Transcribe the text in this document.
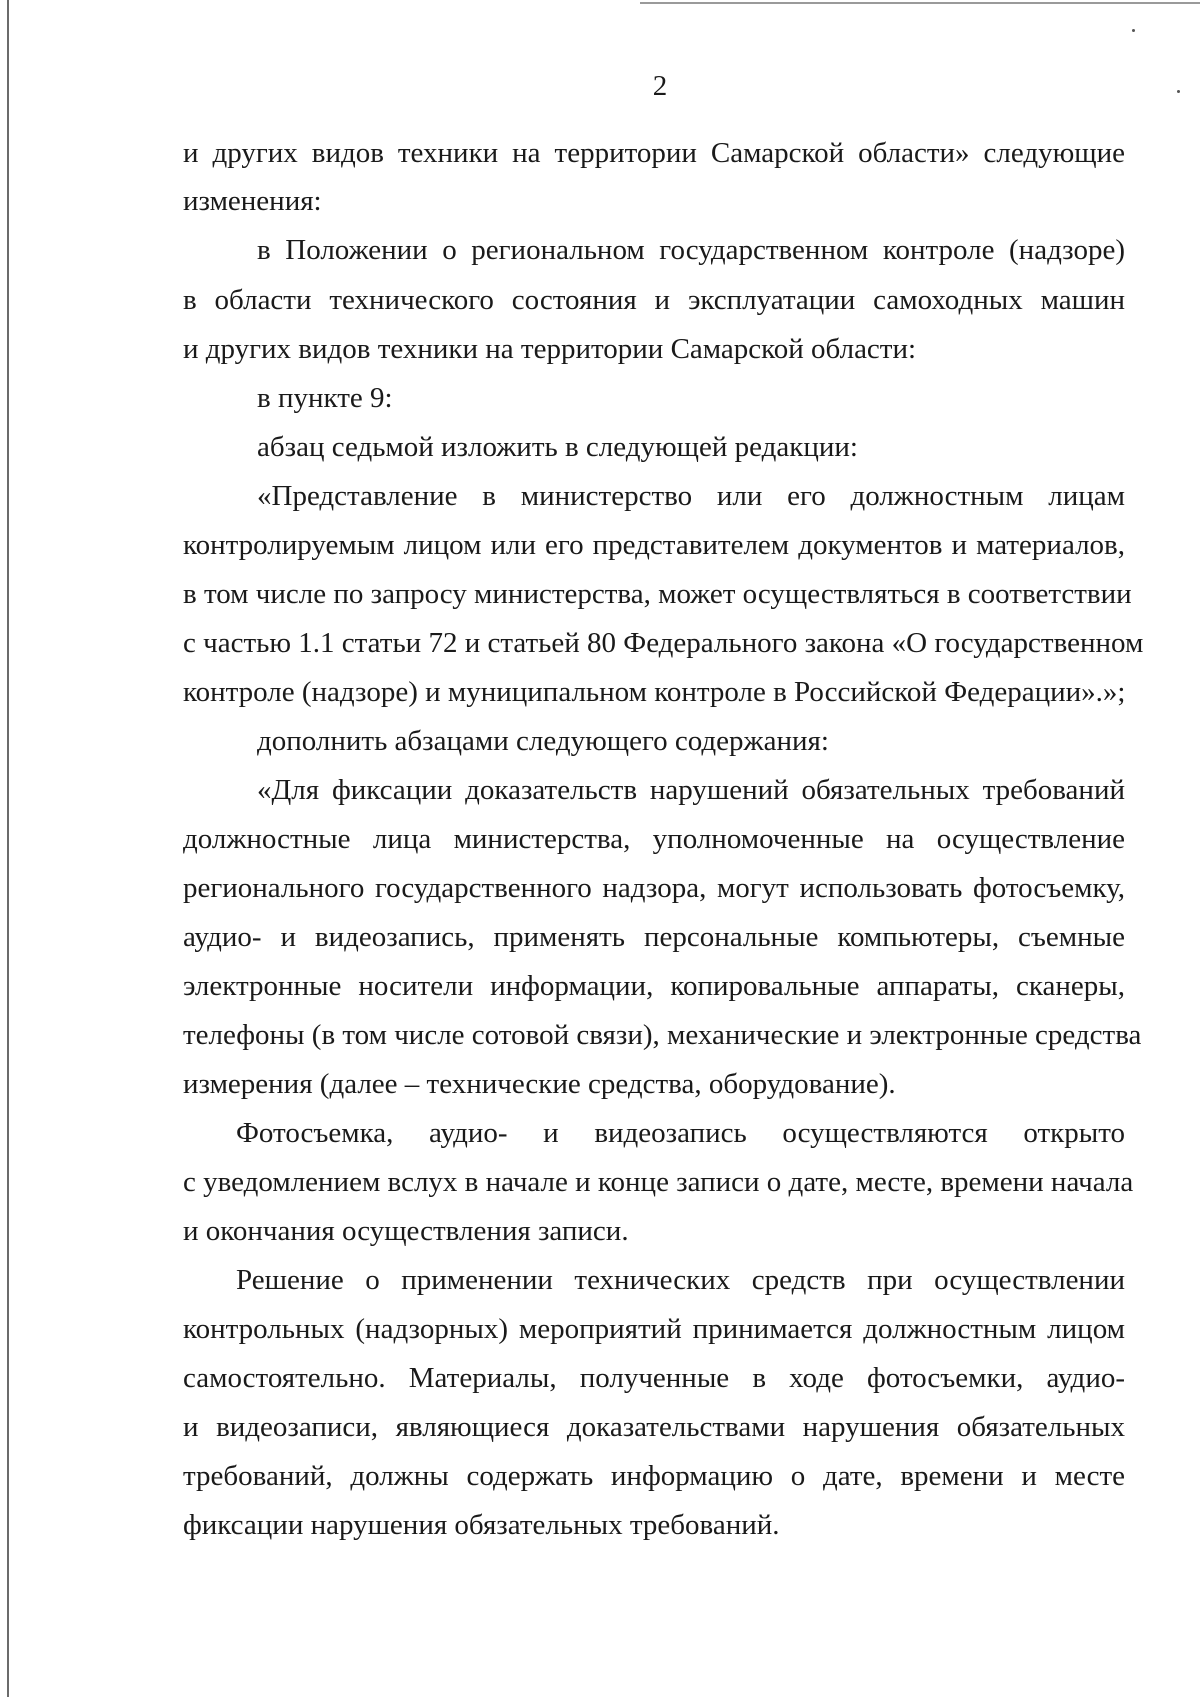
2
и других видов техники на территории Самарской области» следующие
изменения:
в Положении о региональном государственном контроле (надзоре)
в области технического состояния и эксплуатации самоходных машин
и других видов техники на территории Самарской области:
в пункте 9:
абзац седьмой изложить в следующей редакции:
«Представление в министерство или его должностным лицам
контролируемым лицом или его представителем документов и материалов,
в том числе по запросу министерства, может осуществляться в соответствии
с частью 1.1 статьи 72 и статьей 80 Федерального закона «О государственном
контроле (надзоре) и муниципальном контроле в Российской Федерации».»;
дополнить абзацами следующего содержания:
«Для фиксации доказательств нарушений обязательных требований
должностные лица министерства, уполномоченные на осуществление
регионального государственного надзора, могут использовать фотосъемку,
аудио- и видеозапись, применять персональные компьютеры, съемные
электронные носители информации, копировальные аппараты, сканеры,
телефоны (в том числе сотовой связи), механические и электронные средства
измерения (далее – технические средства, оборудование).
Фотосъемка, аудио- и видеозапись осуществляются открыто
с уведомлением вслух в начале и конце записи о дате, месте, времени начала
и окончания осуществления записи.
Решение о применении технических средств при осуществлении
контрольных (надзорных) мероприятий принимается должностным лицом
самостоятельно. Материалы, полученные в ходе фотосъемки, аудио-
и видеозаписи, являющиеся доказательствами нарушения обязательных
требований, должны содержать информацию о дате, времени и месте
фиксации нарушения обязательных требований.
